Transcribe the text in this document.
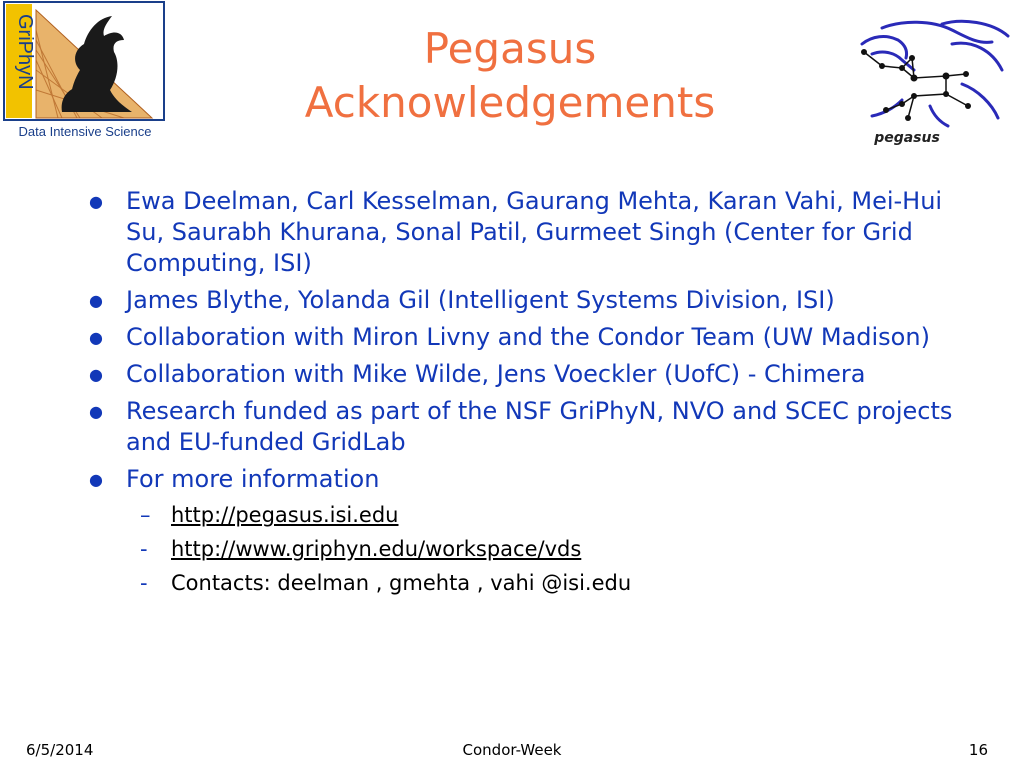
Pegasus
Acknowledgements
GriPhyN
Data Intensive Science	pegasus
● Ewa Deelman, Carl Kesselman, Gaurang Mehta, Karan Vahi, Mei-Hui Su, Saurabh Khurana, Sonal Patil, Gurmeet Singh (Center for Grid Computing, ISI)
● James Blythe, Yolanda Gil (Intelligent Systems Division, ISI)
● Collaboration with Miron Livny and the Condor Team (UW Madison)
● Collaboration with Mike Wilde, Jens Voeckler (UofC) - Chimera
● Research funded as part of the NSF GriPhyN, NVO and SCEC projects and EU-funded GridLab
● For more information
– http://pegasus.isi.edu
- http://www.griphyn.edu/workspace/vds
- Contacts: deelman , gmehta , vahi @isi.edu
6/5/2014	Condor-Week	16
